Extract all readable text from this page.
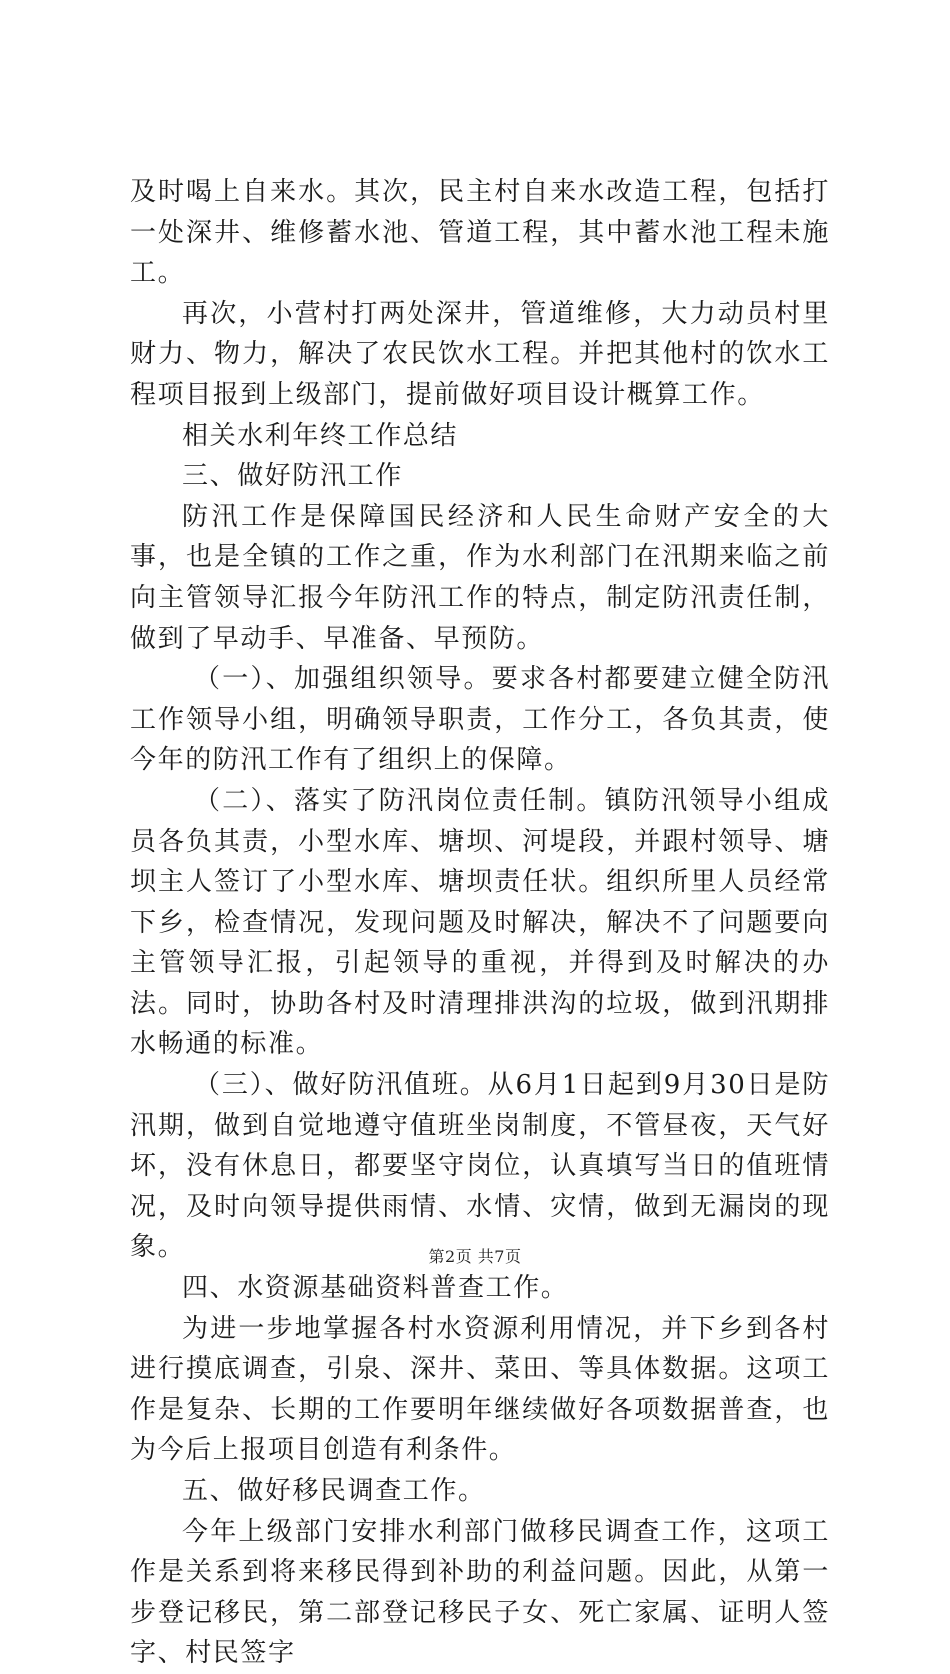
及时喝上自来水。其次，民主村自来水改造工程，包括打一处深井、维修蓄水池、管道工程，其中蓄水池工程未施工。

再次，小营村打两处深井，管道维修，大力动员村里财力、物力，解决了农民饮水工程。并把其他村的饮水工程项目报到上级部门，提前做好项目设计概算工作。

相关水利年终工作总结

三、做好防汛工作

防汛工作是保障国民经济和人民生命财产安全的大事，也是全镇的工作之重，作为水利部门在汛期来临之前向主管领导汇报今年防汛工作的特点，制定防汛责任制，做到了早动手、早准备、早预防。

（一）、加强组织领导。要求各村都要建立健全防汛工作领导小组，明确领导职责，工作分工，各负其责，使今年的防汛工作有了组织上的保障。

（二）、落实了防汛岗位责任制。镇防汛领导小组成员各负其责，小型水库、塘坝、河堤段，并跟村领导、塘坝主人签订了小型水库、塘坝责任状。组织所里人员经常下乡，检查情况，发现问题及时解决，解决不了问题要向主管领导汇报，引起领导的重视，并得到及时解决的办法。同时，协助各村及时清理排洪沟的垃圾，做到汛期排水畅通的标准。

（三）、做好防汛值班。从6月1日起到9月30日是防汛期，做到自觉地遵守值班坐岗制度，不管昼夜，天气好坏，没有休息日，都要坚守岗位，认真填写当日的值班情况，及时向领导提供雨情、水情、灾情，做到无漏岗的现象。

四、水资源基础资料普查工作。

为进一步地掌握各村水资源利用情况，并下乡到各村进行摸底调查，引泉、深井、菜田、等具体数据。这项工作是复杂、长期的工作要明年继续做好各项数据普查，也为今后上报项目创造有利条件。

五、做好移民调查工作。

今年上级部门安排水利部门做移民调查工作，这项工作是关系到将来移民得到补助的利益问题。因此，从第一步登记移民，第二部登记移民子女、死亡家属、证明人签字、村民签字

第2页 共7页
